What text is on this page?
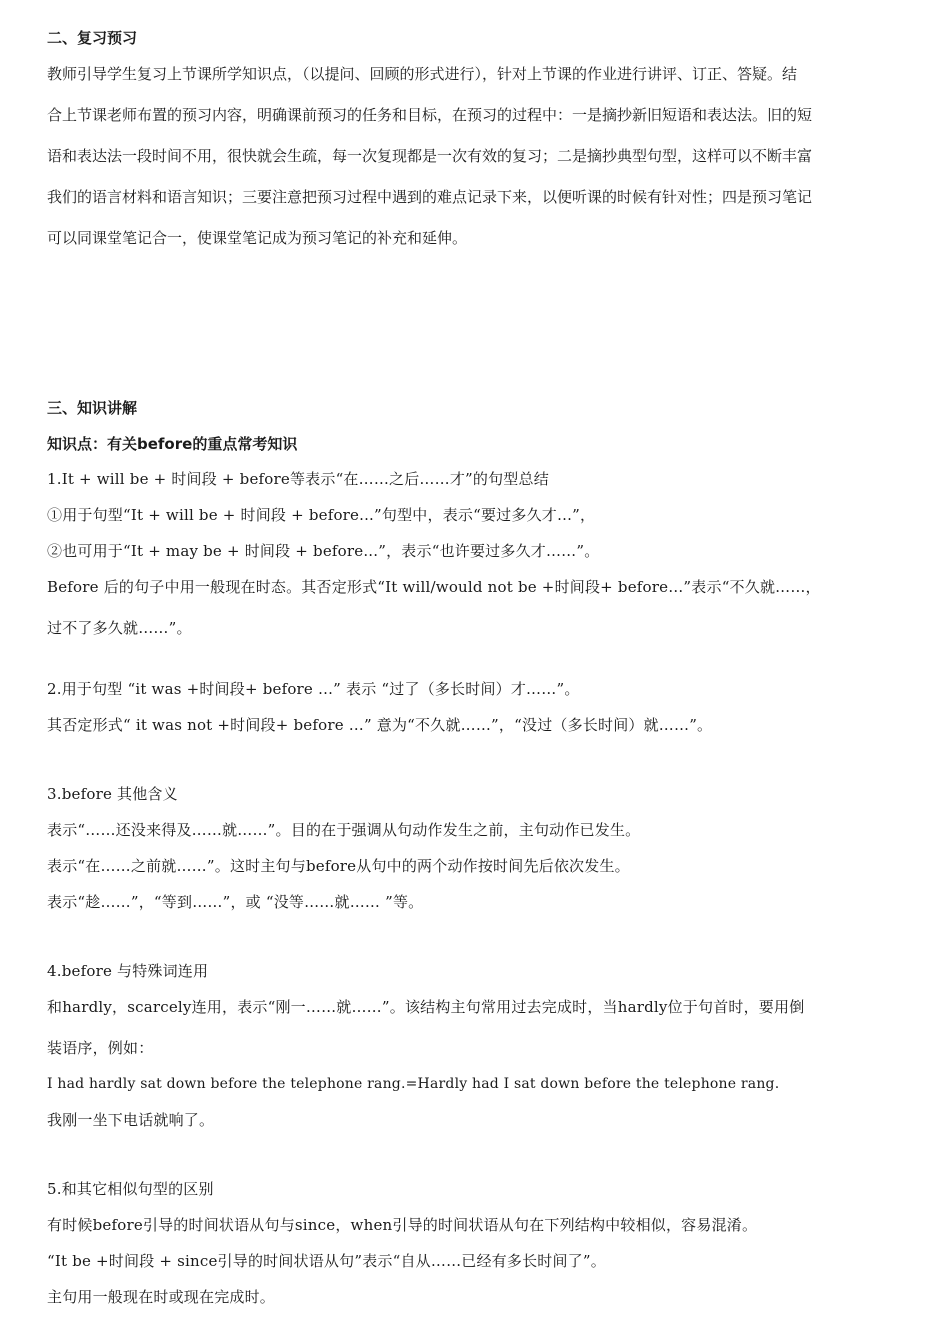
二、复习预习
教师引导学生复习上节课所学知识点，（以提问、回顾的形式进行），针对上节课的作业进行讲评、订正、答疑。结
合上节课老师布置的预习内容，明确课前预习的任务和目标，在预习的过程中：一是摘抄新旧短语和表达法。旧的短
语和表达法一段时间不用，很快就会生疏，每一次复现都是一次有效的复习；二是摘抄典型句型，这样可以不断丰富
我们的语言材料和语言知识；三要注意把预习过程中遇到的难点记录下来，以便听课的时候有针对性；四是预习笔记
可以同课堂笔记合一，使课堂笔记成为预习笔记的补充和延伸。
三、知识讲解
知识点：有关before的重点常考知识
1.It + will be + 时间段 + before等表示“在……之后……才”的句型总结
①用于句型“It + will be + 时间段 + before...”句型中，表示“要过多久才…”，
②也可用于“It + may be + 时间段 + before...”，表示“也许要过多久才……”。
Before 后的句子中用一般现在时态。其否定形式“It will/would not be +时间段+ before…”表示“不久就……，
过不了多久就……”。
2.用于句型 “it was +时间段+ before …” 表示 “过了（多长时间）才……”。
其否定形式“ it was not +时间段+ before …” 意为“不久就……”，“没过（多长时间）就……”。
3.before 其他含义
表示“……还没来得及……就……”。目的在于强调从句动作发生之前，主句动作已发生。
表示“在……之前就……”。这时主句与before从句中的两个动作按时间先后依次发生。
表示“趁……”，“等到……”，或 “没等……就…… ”等。
4.before 与特殊词连用
和hardly，scarcely连用，表示“刚一……就……”。该结构主句常用过去完成时，当hardly位于句首时，要用倒
装语序，例如：
I had hardly sat down before the telephone rang.=Hardly had I sat down before the telephone rang.
我刚一坐下电话就响了。
5.和其它相似句型的区别
有时候before引导的时间状语从句与since，when引导的时间状语从句在下列结构中较相似，容易混淆。
“It be +时间段 + since引导的时间状语从句”表示“自从……已经有多长时间了”。
主句用一般现在时或现在完成时。
